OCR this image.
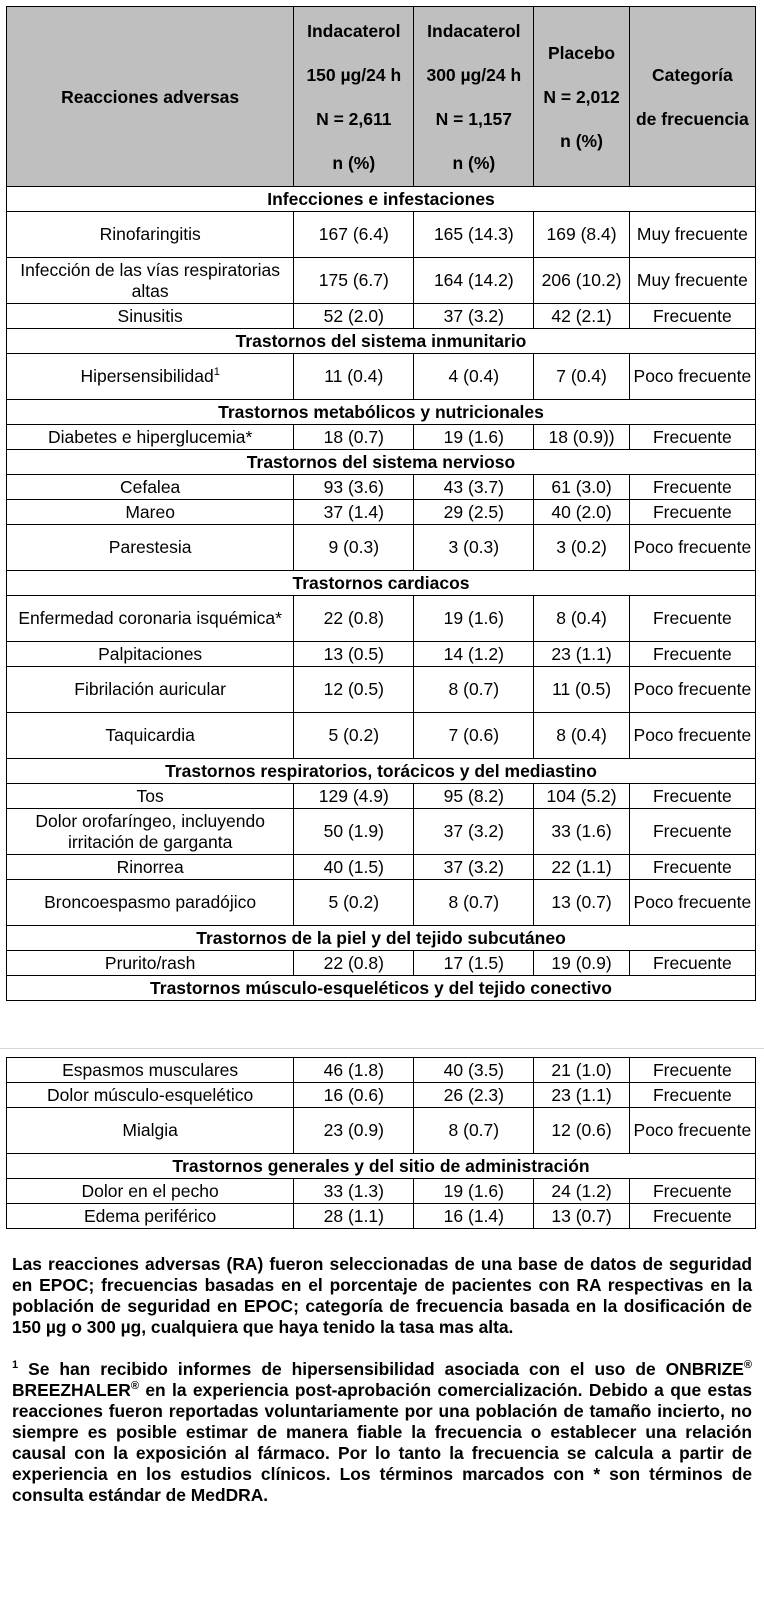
Reacciones adversas	Indacaterol

150 µg/24 h

N = 2,611

n (%)	Indacaterol

300 µg/24 h

N = 1,157

n (%)	Placebo

N = 2,012

n (%)	Categoría

de frecuencia

Infecciones e infestaciones				
Rinofaringitis	167 (6.4)	165 (14.3)	169 (8.4)	Muy frecuente
Infección de las vías respiratorias altas	175 (6.7)	164 (14.2)	206 (10.2)	Muy frecuente
Sinusitis	52 (2.0)	37 (3.2)	42 (2.1)	Frecuente
Trastornos del sistema inmunitario				
Hipersensibilidad$^1$	11 (0.4)	4 (0.4)	7 (0.4)	Poco frecuente
Trastornos metabólicos y nutricionales				
Diabetes e hiperglucemia*	18 (0.7)	19 (1.6)	18 (0.9))	Frecuente
Trastornos del sistema nervioso				
Cefalea	93 (3.6)	43 (3.7)	61 (3.0)	Frecuente
Mareo	37 (1.4)	29 (2.5)	40 (2.0)	Frecuente
Parestesia	9 (0.3)	3 (0.3)	3 (0.2)	Poco frecuente
Trastornos cardiacos				
Enfermedad coronaria isquémica*	22 (0.8)	19 (1.6)	8 (0.4)	Frecuente
Palpitaciones	13 (0.5)	14 (1.2)	23 (1.1)	Frecuente
Fibrilación auricular	12 (0.5)	8 (0.7)	11 (0.5)	Poco frecuente
Taquicardia	5 (0.2)	7 (0.6)	8 (0.4)	Poco frecuente
Trastornos respiratorios, torácicos y del mediastino				
Tos	129 (4.9)	95 (8.2)	104 (5.2)	Frecuente
Dolor orofaríngeo, incluyendo irritación de garganta	50 (1.9)	37 (3.2)	33 (1.6)	Frecuente
Rinorrea	40 (1.5)	37 (3.2)	22 (1.1)	Frecuente
Broncoespasmo paradójico	5 (0.2)	8 (0.7)	13 (0.7)	Poco frecuente
Trastornos de la piel y del tejido subcutáneo				
Prurito/rash	22 (0.8)	17 (1.5)	19 (0.9)	Frecuente
Trastornos músculo-esqueléticos y del tejido conectivo				
Espasmos musculares	46 (1.8)	40 (3.5)	21 (1.0)	Frecuente
Dolor músculo-esquelético	16 (0.6)	26 (2.3)	23 (1.1)	Frecuente
Mialgia	23 (0.9)	8 (0.7)	12 (0.6)	Poco frecuente
Trastornos generales y del sitio de administración				
Dolor en el pecho	33 (1.3)	19 (1.6)	24 (1.2)	Frecuente
Edema periférico	28 (1.1)	16 (1.4)	13 (0.7)	Frecuente

Las reacciones adversas (RA) fueron seleccionadas de una base de datos de seguridad en EPOC; frecuencias basadas en el porcentaje de pacientes con RA respectivas en la población de seguridad en EPOC; categoría de frecuencia basada en la dosificación de 150 µg o 300 µg, cualquiera que haya tenido la tasa mas alta.

$^1$ Se han recibido informes de hipersensibilidad asociada con el uso de ONBRIZE® BREEZHALER® en la experiencia post-aprobación comercialización. Debido a que estas reacciones fueron reportadas voluntariamente por una población de tamaño incierto, no siempre es posible estimar de manera fiable la frecuencia o establecer una relación causal con la exposición al fármaco. Por lo tanto la frecuencia se calcula a partir de experiencia en los estudios clínicos. Los términos marcados con * son términos de consulta estándar de MedDRA.
